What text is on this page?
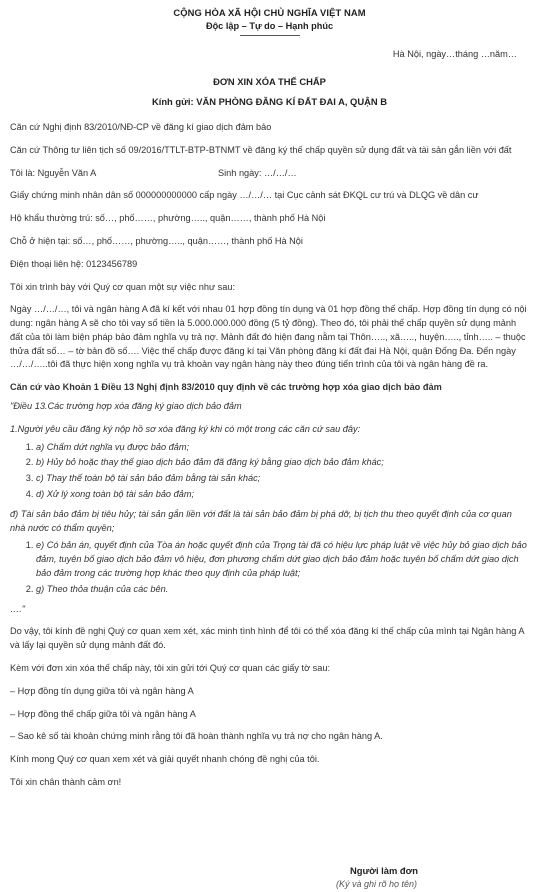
CỘNG HÒA XÃ HỘI CHỦ NGHĨA VIỆT NAM
Độc lập – Tự do – Hạnh phúc
Hà Nội, ngày…tháng …năm…
ĐƠN XIN XÓA THẾ CHẤP
Kính gửi: VĂN PHÒNG ĐĂNG KÍ ĐẤT ĐAI A, QUẬN B

Căn cứ Nghị định 83/2010/NĐ-CP về đăng kí giao dịch đảm bảo

Căn cứ Thông tư liên tịch số 09/2016/TTLT-BTP-BTNMT về đăng ký thế chấp quyền sử dụng đất và tài sản gắn liền với đất

Tôi là: Nguyễn Văn A	Sinh ngày: …/…/…

Giấy chứng minh nhân dân số 000000000000 cấp ngày …/…/… tại Cục cảnh sát ĐKQL cư trú và DLQG về dân cư

Hộ khẩu thường trú: số…, phố……, phường….., quận……, thành phố Hà Nội

Chỗ ở hiện tại: số…, phố……, phường….., quận……, thành phố Hà Nội

Điện thoại liên hệ: 0123456789

Tôi xin trình bày với Quý cơ quan một sự việc như sau:

Ngày …/…/…, tôi và ngân hàng A đã kí kết với nhau 01 hợp đồng tín dụng và 01 hợp đồng thế chấp. Hợp đồng tín dụng có nội dung: ngân hàng A sẽ cho tôi vay số tiền là 5.000.000.000 đồng (5 tỷ đồng). Theo đó, tôi phải thế chấp quyền sử dụng mảnh đất của tôi làm biện pháp bảo đảm nghĩa vụ trả nợ. Mảnh đất đó hiện đang nằm tại Thôn….., xã….., huyện….., tỉnh….. – thuộc thửa đất số… – tờ bản đồ số…. Việc thế chấp được đăng kí tại Văn phòng đăng kí đất đai Hà Nội, quận Đống Đa. Đến ngày …/…/…..tôi đã thực hiện xong nghĩa vụ trả khoản vay ngân hàng này theo đúng tiến trình của tôi và ngân hàng đề ra.

Căn cứ vào Khoản 1 Điều 13 Nghị định 83/2010 quy định về các trường hợp xóa giao dịch bảo đảm

"Điều 13.Các trường hợp xóa đăng ký giao dịch bảo đảm

1.Người yêu cầu đăng ký nộp hồ sơ xóa đăng ký khi có một trong các căn cứ sau đây:

1. a) Chấm dứt nghĩa vụ được bảo đảm;
2. b) Hủy bỏ hoặc thay thế giao dịch bảo đảm đã đăng ký bằng giao dịch bảo đảm khác;
3. c) Thay thế toàn bộ tài sản bảo đảm bằng tài sản khác;
4. d) Xử lý xong toàn bộ tài sản bảo đảm;

đ) Tài sản bảo đảm bị tiêu hủy; tài sản gắn liền với đất là tài sản bảo đảm bị phá dỡ, bị tịch thu theo quyết định của cơ quan nhà nước có thẩm quyền;

1. e) Có bản án, quyết định của Tòa án hoặc quyết định của Trọng tài đã có hiệu lực pháp luật về việc hủy bỏ giao dịch bảo đảm, tuyên bố giao dịch bảo đảm vô hiệu, đơn phương chấm dứt giao dịch bảo đảm hoặc tuyên bố chấm dứt giao dịch bảo đảm trong các trường hợp khác theo quy định của pháp luật;
2. g) Theo thỏa thuận của các bên.

…."

Do vậy, tôi kính đề nghị Quý cơ quan xem xét, xác minh tình hình để tôi có thể xóa đăng kí thế chấp của mình tại Ngân hàng A và lấy lại quyền sử dụng mảnh đất đó.

Kèm với đơn xin xóa thế chấp này, tôi xin gửi tới Quý cơ quan các giấy tờ sau:

– Hợp đồng tín dụng giữa tôi và ngân hàng A

– Hợp đồng thế chấp giữa tôi và ngân hàng A

– Sao kê số tài khoản chứng minh rằng tôi đã hoàn thành nghĩa vụ trả nợ cho ngân hàng A.

Kính mong Quý cơ quan xem xét và giải quyết nhanh chóng đề nghị của tôi.

Tôi xin chân thành cảm ơn!

Người làm đơn
(Ký và ghi rõ họ tên)
